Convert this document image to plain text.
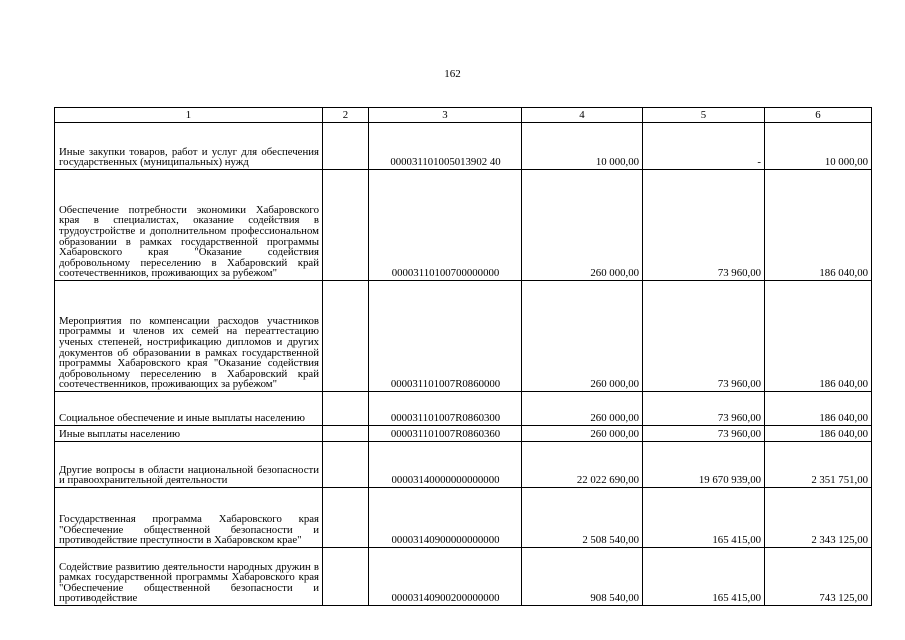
162
1	2	3	4	5	6
Иные закупки товаров, работ и услуг для обеспечения государственных (муниципальных) нужд		000031101005013902 40	10 000,00	-	10 000,00
Обеспечение потребности экономики Хабаровского края в специалистах, оказание содействия в трудоустройстве и дополнительном профессиональном образовании в рамках государственной программы Хабаровского края "Оказание содействия добровольному переселению в Хабаровский край соотечественников, проживающих за рубежом"		00003110100700000000	260 000,00	73 960,00	186 040,00
Мероприятия по компенсации расходов участников программы и членов их семей на переаттестацию ученых степеней, нострификацию дипломов и других документов об образовании в рамках государственной программы Хабаровского края "Оказание содействия добровольному переселению в Хабаровский край соотечественников, проживающих за рубежом"		000031101007R0860000	260 000,00	73 960,00	186 040,00
Социальное обеспечение и иные выплаты населению		000031101007R0860300	260 000,00	73 960,00	186 040,00
Иные выплаты населению		000031101007R0860360	260 000,00	73 960,00	186 040,00
Другие вопросы в области национальной безопасности и правоохранительной деятельности		00003140000000000000	22 022 690,00	19 670 939,00	2 351 751,00
Государственная программа Хабаровского края "Обеспечение общественной безопасности и противодействие преступности в Хабаровском крае"		00003140900000000000	2 508 540,00	165 415,00	2 343 125,00
Содействие развитию деятельности народных дружин в рамках государственной программы Хабаровского края "Обеспечение общественной безопасности и противодействие		00003140900200000000	908 540,00	165 415,00	743 125,00
